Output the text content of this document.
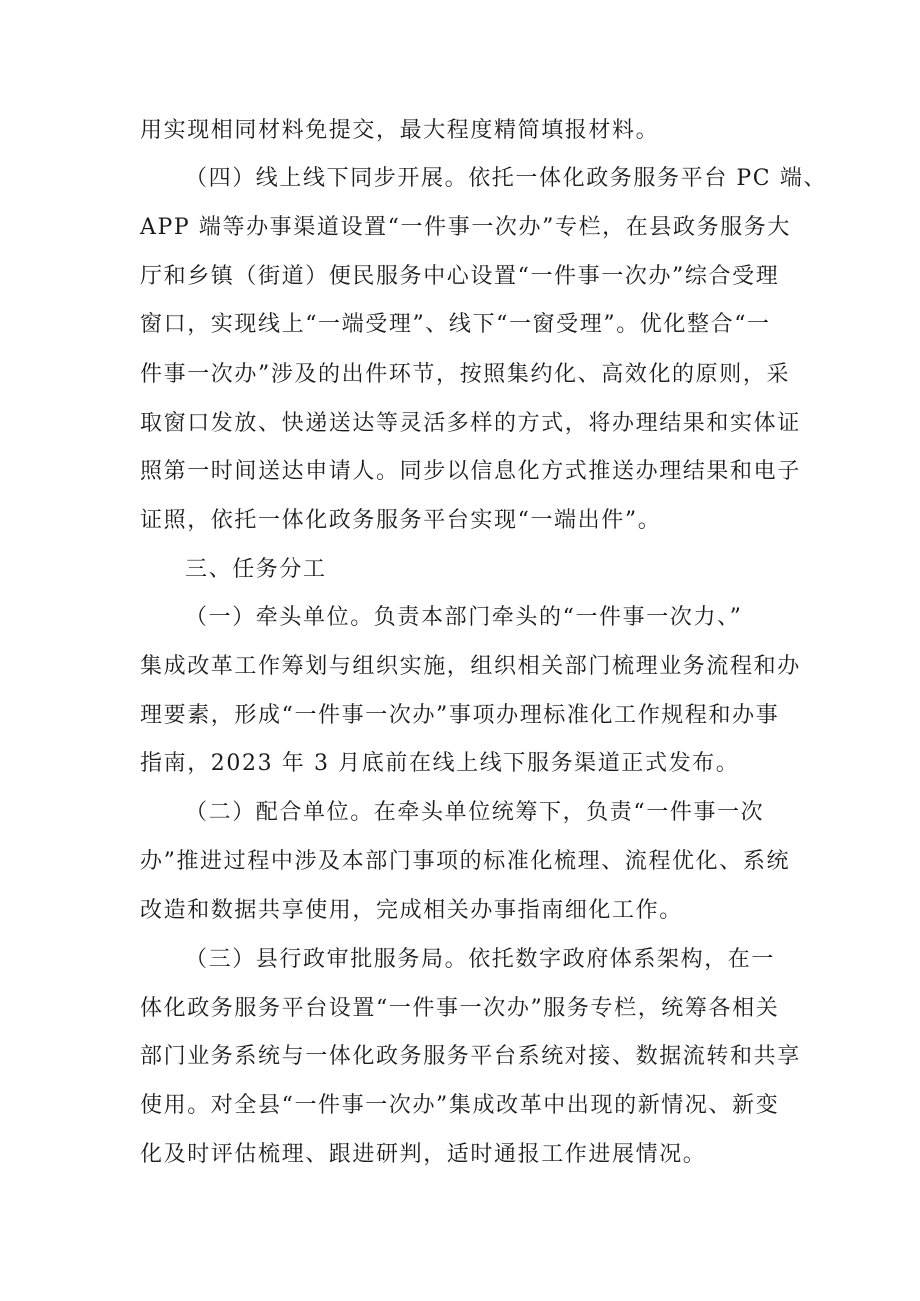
用实现相同材料免提交，最大程度精简填报材料。
（四）线上线下同步开展。依托一体化政务服务平台 PC 端、
APP 端等办事渠道设置“一件事一次办”专栏，在县政务服务大
厅和乡镇（街道）便民服务中心设置“一件事一次办”综合受理
窗口，实现线上“一端受理”、线下“一窗受理”。优化整合“一
件事一次办”涉及的出件环节，按照集约化、高效化的原则，采
取窗口发放、快递送达等灵活多样的方式，将办理结果和实体证
照第一时间送达申请人。同步以信息化方式推送办理结果和电子
证照，依托一体化政务服务平台实现“一端出件”。
三、任务分工
（一）牵头单位。负责本部门牵头的“一件事一次力、”
集成改革工作筹划与组织实施，组织相关部门梳理业务流程和办
理要素，形成“一件事一次办”事项办理标准化工作规程和办事
指南，2023 年 3 月底前在线上线下服务渠道正式发布。
（二）配合单位。在牵头单位统筹下，负责“一件事一次
办”推进过程中涉及本部门事项的标准化梳理、流程优化、系统
改造和数据共享使用，完成相关办事指南细化工作。
（三）县行政审批服务局。依托数字政府体系架构，在一
体化政务服务平台设置“一件事一次办”服务专栏，统筹各相关
部门业务系统与一体化政务服务平台系统对接、数据流转和共享
使用。对全县“一件事一次办”集成改革中出现的新情况、新变
化及时评估梳理、跟进研判，适时通报工作进展情况。
